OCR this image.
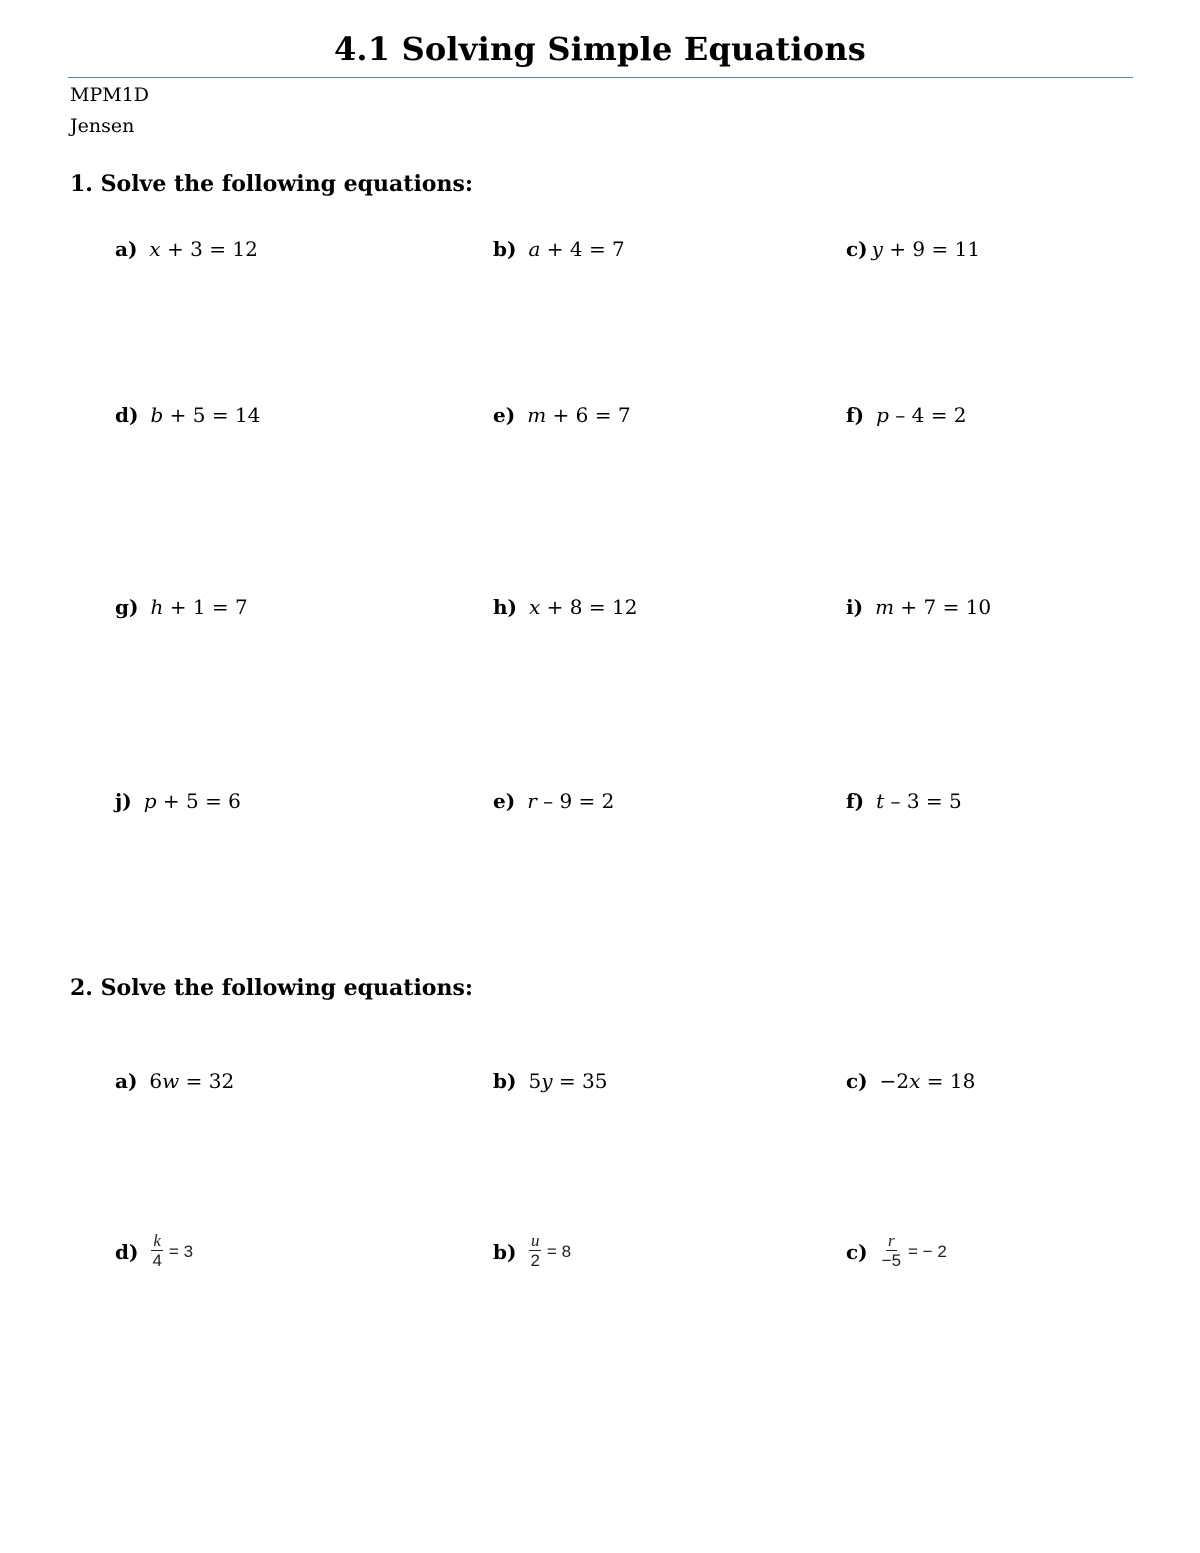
4.1 Solving Simple Equations
MPM1D
Jensen
1. Solve the following equations:
a) x + 3 = 12	b) a + 4 = 7	c) y + 9 = 11
d) b + 5 = 14	e) m + 6 = 7	f) p – 4 = 2
g) h + 1 = 7	h) x + 8 = 12	i) m + 7 = 10
j) p + 5 = 6	e) r – 9 = 2	f) t – 3 = 5
2. Solve the following equations:
a) 6w = 32	b) 5y = 35	c) −2x = 18
$d) \frac{k}{4} = 3$	$b) \frac{u}{2} = 8$	$c) \frac{r}{-5}$ = − 2
